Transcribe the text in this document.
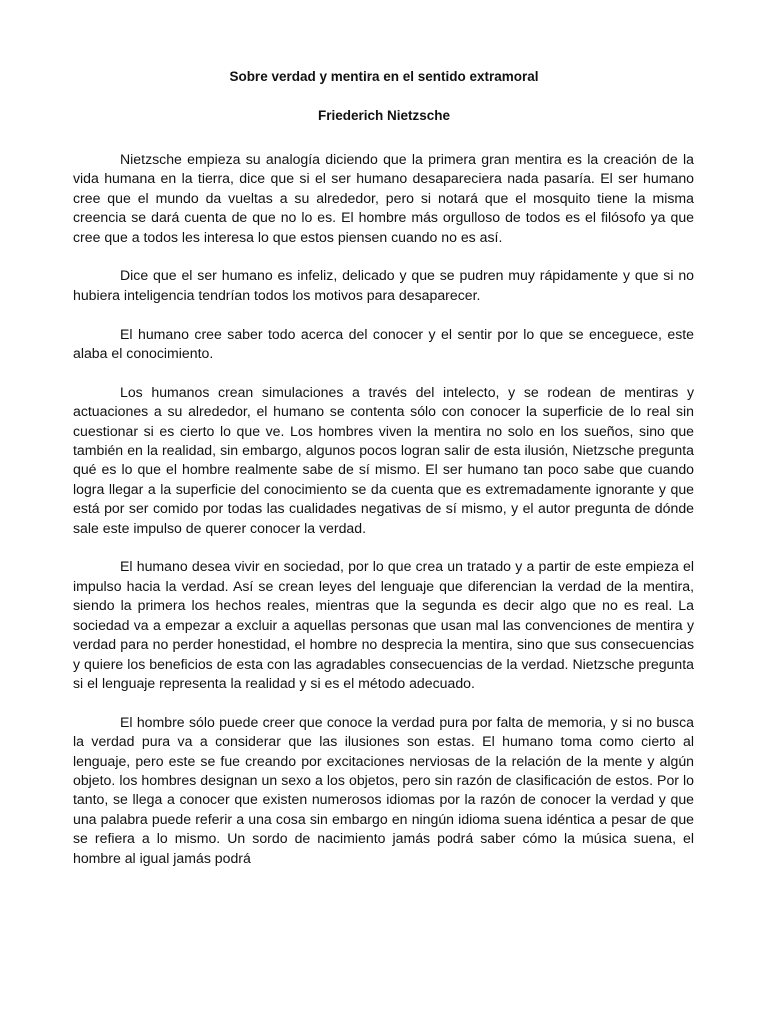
Sobre verdad y mentira en el sentido extramoral
Friederich Nietzsche

Nietzsche empieza su analogía diciendo que la primera gran mentira es la creación de la vida humana en la tierra, dice que si el ser humano desapareciera nada pasaría. El ser humano cree que el mundo da vueltas a su alrededor, pero si notará que el mosquito tiene la misma creencia se dará cuenta de que no lo es. El hombre más orgulloso de todos es el filósofo ya que cree que a todos les interesa lo que estos piensen cuando no es así.

Dice que el ser humano es infeliz, delicado y que se pudren muy rápidamente y que si no hubiera inteligencia tendrían todos los motivos para desaparecer.

El humano cree saber todo acerca del conocer y el sentir por lo que se enceguece, este alaba el conocimiento.

Los humanos crean simulaciones a través del intelecto, y se rodean de mentiras y actuaciones a su alrededor, el humano se contenta sólo con conocer la superficie de lo real sin cuestionar si es cierto lo que ve. Los hombres viven la mentira no solo en los sueños, sino que también en la realidad, sin embargo, algunos pocos logran salir de esta ilusión, Nietzsche pregunta qué es lo que el hombre realmente sabe de sí mismo. El ser humano tan poco sabe que cuando logra llegar a la superficie del conocimiento se da cuenta que es extremadamente ignorante y que está por ser comido por todas las cualidades negativas de sí mismo, y el autor pregunta de dónde sale este impulso de querer conocer la verdad.

El humano desea vivir en sociedad, por lo que crea un tratado y a partir de este empieza el impulso hacia la verdad. Así se crean leyes del lenguaje que diferencian la verdad de la mentira, siendo la primera los hechos reales, mientras que la segunda es decir algo que no es real. La sociedad va a empezar a excluir a aquellas personas que usan mal las convenciones de mentira y verdad para no perder honestidad, el hombre no desprecia la mentira, sino que sus consecuencias y quiere los beneficios de esta con las agradables consecuencias de la verdad. Nietzsche pregunta si el lenguaje representa la realidad y si es el método adecuado.

El hombre sólo puede creer que conoce la verdad pura por falta de memoria, y si no busca la verdad pura va a considerar que las ilusiones son estas. El humano toma como cierto al lenguaje, pero este se fue creando por excitaciones nerviosas de la relación de la mente y algún objeto. los hombres designan un sexo a los objetos, pero sin razón de clasificación de estos. Por lo tanto, se llega a conocer que existen numerosos idiomas por la razón de conocer la verdad y que una palabra puede referir a una cosa sin embargo en ningún idioma suena idéntica a pesar de que se refiera a lo mismo. Un sordo de nacimiento jamás podrá saber cómo la música suena, el hombre al igual jamás podrá
